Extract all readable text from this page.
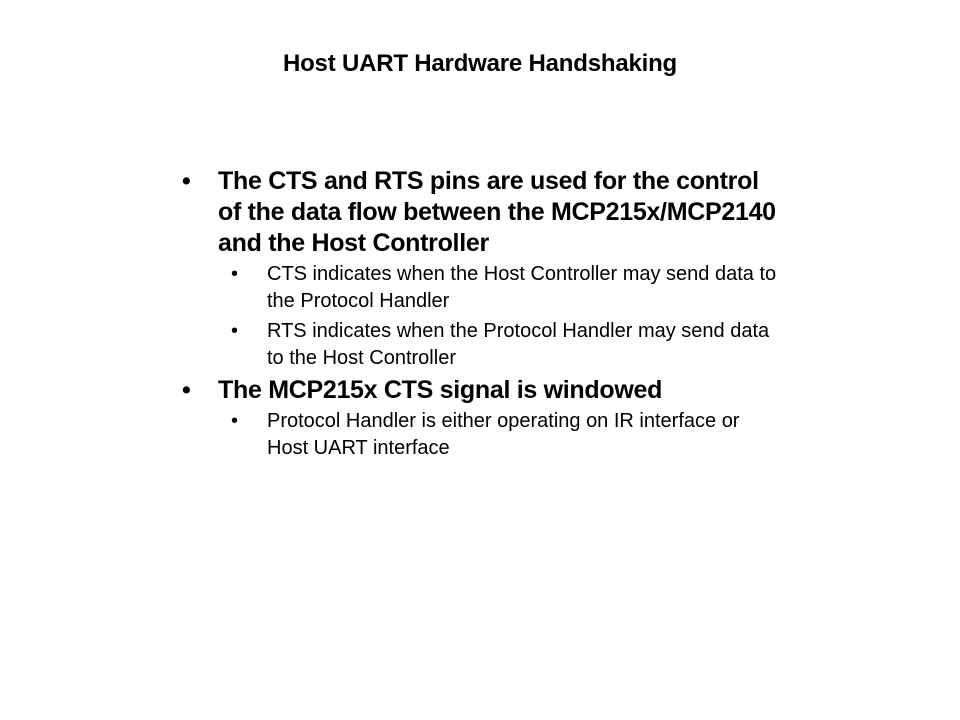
Host UART Hardware Handshaking
• The CTS and RTS pins are used for the control of the data flow between the MCP215x/MCP2140 and the Host Controller
• CTS indicates when the Host Controller may send data to the Protocol Handler
• RTS indicates when the Protocol Handler may send data to the Host Controller
• The MCP215x CTS signal is windowed
• Protocol Handler is either operating on IR interface or Host UART interface
